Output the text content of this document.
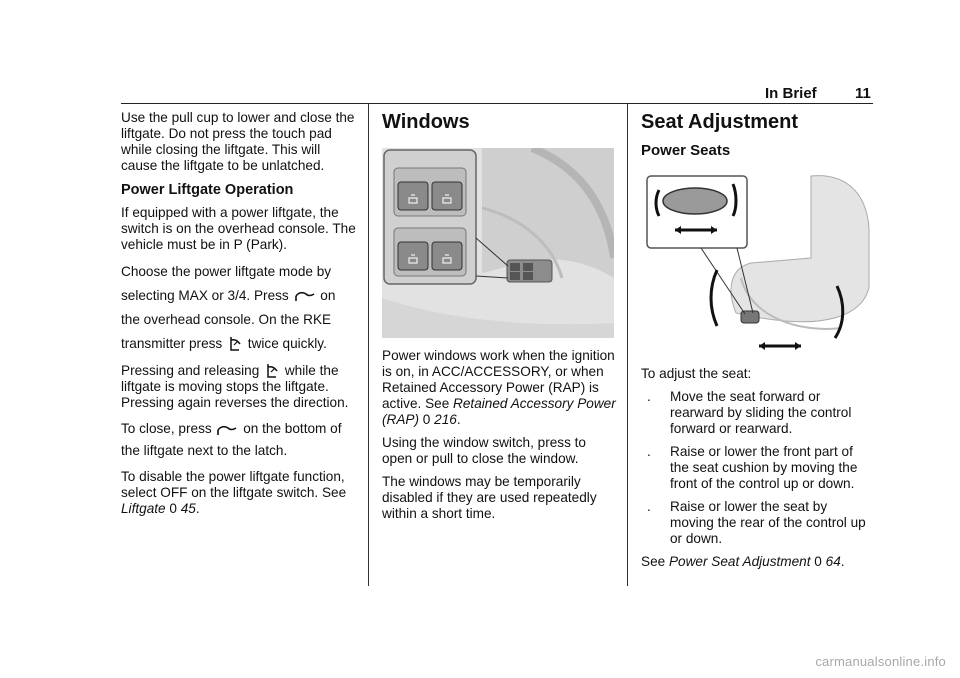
In Brief	11

Use the pull cup to lower and close the liftgate. Do not press the touch pad while closing the liftgate. This will cause the liftgate to be unlatched.

Power Liftgate Operation

If equipped with a power liftgate, the switch is on the overhead console. The vehicle must be in P (Park).

Choose the power liftgate mode by selecting MAX or 3/4. Press on the overhead console. On the RKE transmitter press twice quickly.

Pressing and releasing while the liftgate is moving stops the liftgate. Pressing again reverses the direction.

To close, press on the bottom of the liftgate next to the latch.

To disable the power liftgate function, select OFF on the liftgate switch. See Liftgate 0 45.

Windows

Power windows work when the ignition is on, in ACC/ACCESSORY, or when Retained Accessory Power (RAP) is active. See Retained Accessory Power (RAP) 0 216.

Using the window switch, press to open or pull to close the window.

The windows may be temporarily disabled if they are used repeatedly within a short time.

Seat Adjustment
Power Seats

To adjust the seat:

.	Move the seat forward or rearward by sliding the control forward or rearward.
.	Raise or lower the front part of the seat cushion by moving the front of the control up or down.
.	Raise or lower the seat by moving the rear of the control up or down.

See Power Seat Adjustment 0 64.

carmanualsonline.info
